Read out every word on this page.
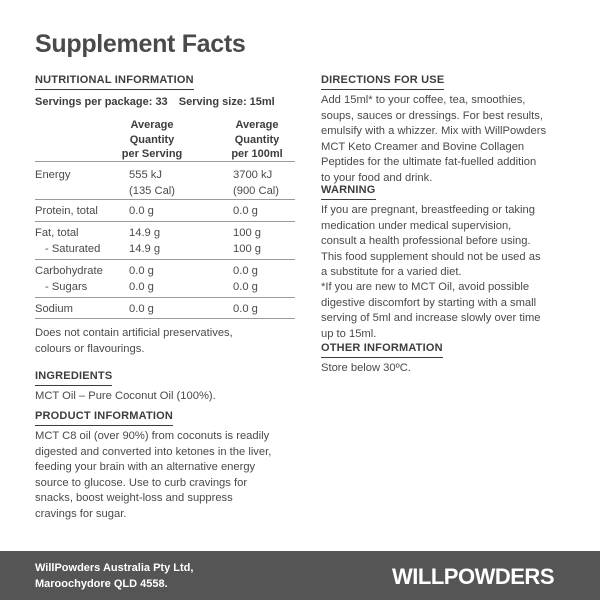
Supplement Facts
NUTRITIONAL INFORMATION
Servings per package: 33 Serving size: 15ml
Average
Quantity
per Serving
Average
Quantity
per 100ml
Energy	555 kJ	3700 kJ
(135 Cal)	(900 Cal)
Protein, total	0.0 g	0.0 g
Fat, total	14.9 g	100 g
- Saturated	14.9 g	100 g
Carbohydrate 0.0 g	0.0 g
- Sugars	0.0 g	0.0 g
Sodium	0.0 g	0.0 g
Does not contain artificial preservatives,
colours or flavourings.
INGREDIENTS
MCT Oil – Pure Coconut Oil (100%).
PRODUCT INFORMATION
MCT C8 oil (over 90%) from coconuts is readily
digested and converted into ketones in the liver,
feeding your brain with an alternative energy
source to glucose. Use to curb cravings for
snacks, boost weight-loss and suppress
cravings for sugar.
DIRECTIONS FOR USE
Add 15ml* to your coffee, tea, smoothies,
soups, sauces or dressings. For best results,
emulsify with a whizzer. Mix with WillPowders
MCT Keto Creamer and Bovine Collagen
Peptides for the ultimate fat-fuelled addition
to your food and drink.
WARNING
If you are pregnant, breastfeeding or taking
medication under medical supervision,
consult a health professional before using.
This food supplement should not be used as
a substitute for a varied diet.
*If you are new to MCT Oil, avoid possible
digestive discomfort by starting with a small
serving of 5ml and increase slowly over time
up to 15ml.
OTHER INFORMATION
Store below 30ºC.
WillPowders Australia Pty Ltd,
Maroochydore QLD 4558.	WILLPOWDERS
